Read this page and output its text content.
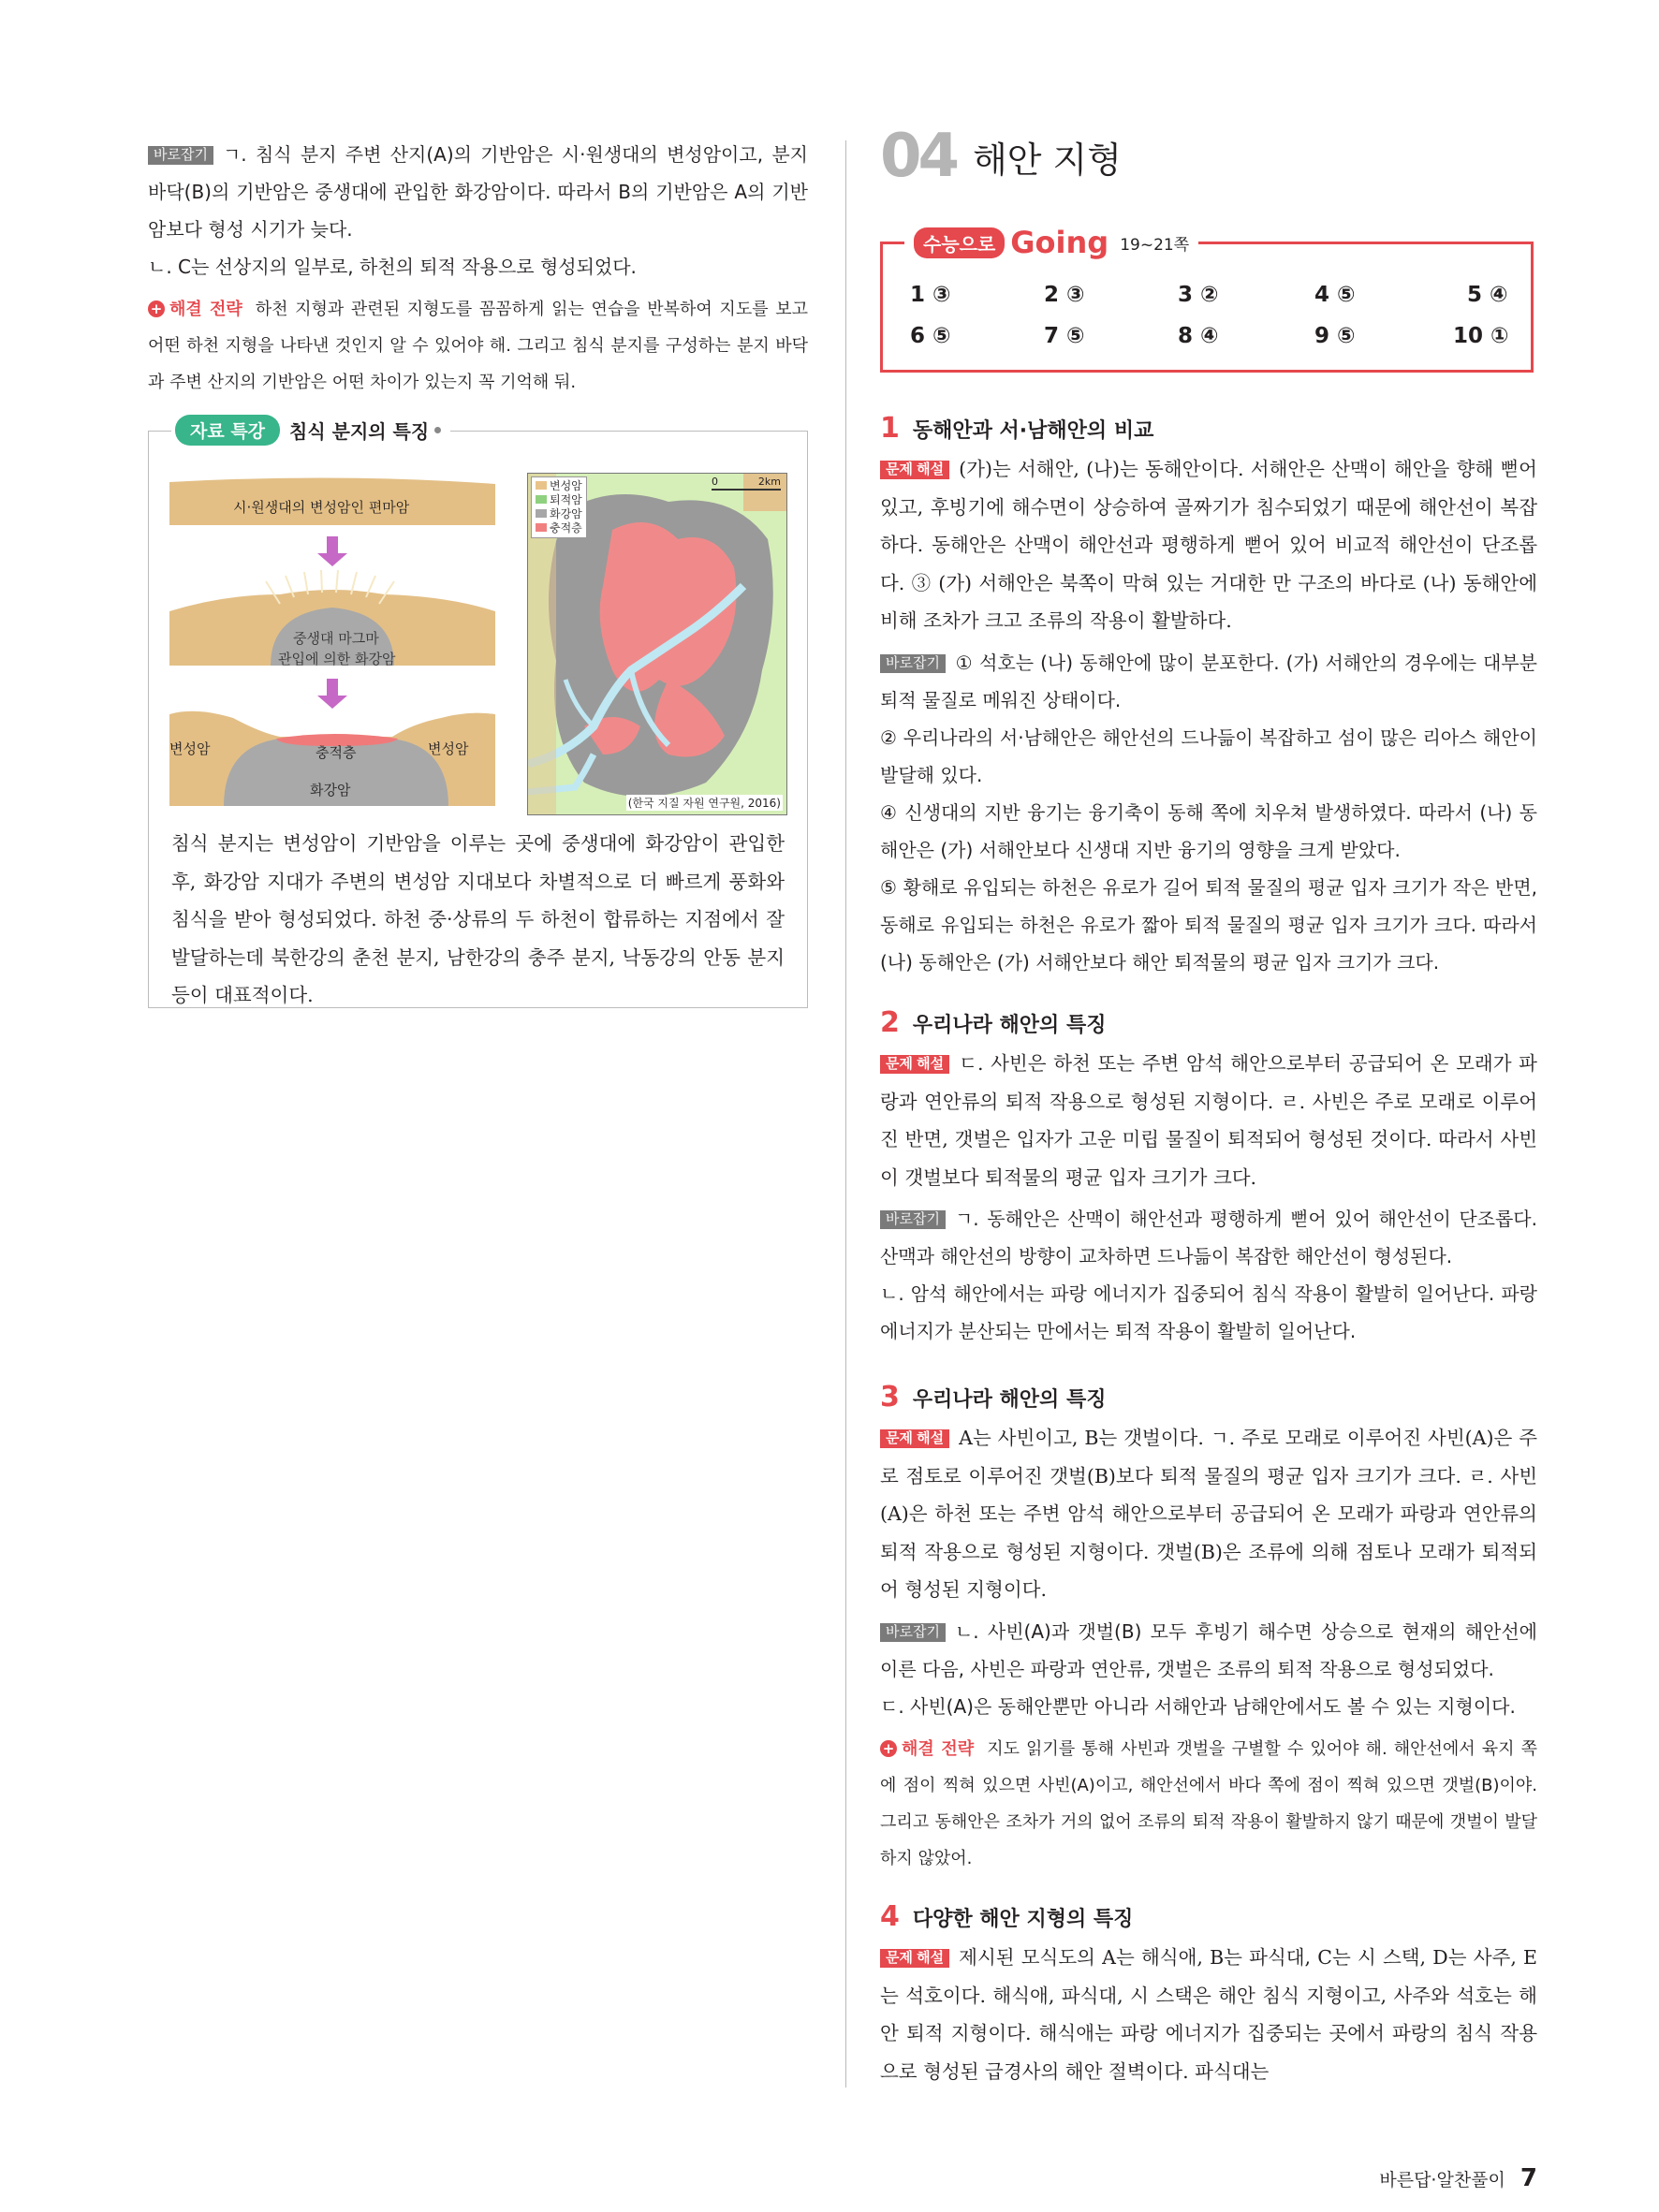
바로잡기 ㄱ. 침식 분지 주변 산지(A)의 기반암은 시·원생대의 변성암이고, 분지 바닥(B)의 기반암은 중생대에 관입한 화강암이다. 따라서 B의 기반암은 A의 기반암보다 형성 시기가 늦다.

ㄴ. C는 선상지의 일부로, 하천의 퇴적 작용으로 형성되었다.

+ 해결 전략 하천 지형과 관련된 지형도를 꼼꼼하게 읽는 연습을 반복하여 지도를 보고 어떤 하천 지형을 나타낸 것인지 알 수 있어야 해. 그리고 침식 분지를 구성하는 분지 바닥과 주변 산지의 기반암은 어떤 차이가 있는지 꼭 기억해 둬.

자료 특강	침식 분지의 특징
시·원생대의 변성암인 편마암
중생대 마그마
관입에 의한 화강암
변성암	충적층	변성암
화강암
변성암
퇴적암
화강암
충적층
0	2km
(한국 지질 자원 연구원, 2016)

침식 분지는 변성암이 기반암을 이루는 곳에 중생대에 화강암이 관입한 후, 화강암 지대가 주변의 변성암 지대보다 차별적으로 더 빠르게 풍화와 침식을 받아 형성되었다. 하천 중·상류의 두 하천이 합류하는 지점에서 잘 발달하는데 북한강의 춘천 분지, 남한강의 충주 분지, 낙동강의 안동 분지 등이 대표적이다.

04 해안 지형
수능으로 Going 19~21쪽
1 ③	2 ③	3 ②	4 ⑤	5 ④
6 ⑤	7 ⑤	8 ④	9 ⑤	10 ①
1 동해안과 서·남해안의 비교

문제 해설 (가)는 서해안, (나)는 동해안이다. 서해안은 산맥이 해안을 향해 뻗어 있고, 후빙기에 해수면이 상승하여 골짜기가 침수되었기 때문에 해안선이 복잡하다. 동해안은 산맥이 해안선과 평행하게 뻗어 있어 비교적 해안선이 단조롭다. ③ (가) 서해안은 북쪽이 막혀 있는 거대한 만 구조의 바다로 (나) 동해안에 비해 조차가 크고 조류의 작용이 활발하다.

바로잡기 ① 석호는 (나) 동해안에 많이 분포한다. (가) 서해안의 경우에는 대부분 퇴적 물질로 메워진 상태이다.

② 우리나라의 서·남해안은 해안선의 드나듦이 복잡하고 섬이 많은 리아스 해안이 발달해 있다.

④ 신생대의 지반 융기는 융기축이 동해 쪽에 치우쳐 발생하였다. 따라서 (나) 동해안은 (가) 서해안보다 신생대 지반 융기의 영향을 크게 받았다.

⑤ 황해로 유입되는 하천은 유로가 길어 퇴적 물질의 평균 입자 크기가 작은 반면, 동해로 유입되는 하천은 유로가 짧아 퇴적 물질의 평균 입자 크기가 크다. 따라서 (나) 동해안은 (가) 서해안보다 해안 퇴적물의 평균 입자 크기가 크다.

2 우리나라 해안의 특징

문제 해설 ㄷ. 사빈은 하천 또는 주변 암석 해안으로부터 공급되어 온 모래가 파랑과 연안류의 퇴적 작용으로 형성된 지형이다. ㄹ. 사빈은 주로 모래로 이루어진 반면, 갯벌은 입자가 고운 미립 물질이 퇴적되어 형성된 것이다. 따라서 사빈이 갯벌보다 퇴적물의 평균 입자 크기가 크다.

바로잡기 ㄱ. 동해안은 산맥이 해안선과 평행하게 뻗어 있어 해안선이 단조롭다. 산맥과 해안선의 방향이 교차하면 드나듦이 복잡한 해안선이 형성된다.

ㄴ. 암석 해안에서는 파랑 에너지가 집중되어 침식 작용이 활발히 일어난다. 파랑 에너지가 분산되는 만에서는 퇴적 작용이 활발히 일어난다.

3 우리나라 해안의 특징

문제 해설 A는 사빈이고, B는 갯벌이다. ㄱ. 주로 모래로 이루어진 사빈(A)은 주로 점토로 이루어진 갯벌(B)보다 퇴적 물질의 평균 입자 크기가 크다. ㄹ. 사빈(A)은 하천 또는 주변 암석 해안으로부터 공급되어 온 모래가 파랑과 연안류의 퇴적 작용으로 형성된 지형이다. 갯벌(B)은 조류에 의해 점토나 모래가 퇴적되어 형성된 지형이다.

바로잡기 ㄴ. 사빈(A)과 갯벌(B) 모두 후빙기 해수면 상승으로 현재의 해안선에 이른 다음, 사빈은 파랑과 연안류, 갯벌은 조류의 퇴적 작용으로 형성되었다.

ㄷ. 사빈(A)은 동해안뿐만 아니라 서해안과 남해안에서도 볼 수 있는 지형이다.

+ 해결 전략 지도 읽기를 통해 사빈과 갯벌을 구별할 수 있어야 해. 해안선에서 육지 쪽에 점이 찍혀 있으면 사빈(A)이고, 해안선에서 바다 쪽에 점이 찍혀 있으면 갯벌(B)이야. 그리고 동해안은 조차가 거의 없어 조류의 퇴적 작용이 활발하지 않기 때문에 갯벌이 발달하지 않았어.

4 다양한 해안 지형의 특징

문제 해설 제시된 모식도의 A는 해식애, B는 파식대, C는 시 스택, D는 사주, E는 석호이다. 해식애, 파식대, 시 스택은 해안 침식 지형이고, 사주와 석호는 해안 퇴적 지형이다. 해식애는 파랑 에너지가 집중되는 곳에서 파랑의 침식 작용으로 형성된 급경사의 해안 절벽이다. 파식대는

바른답·알찬풀이 7
